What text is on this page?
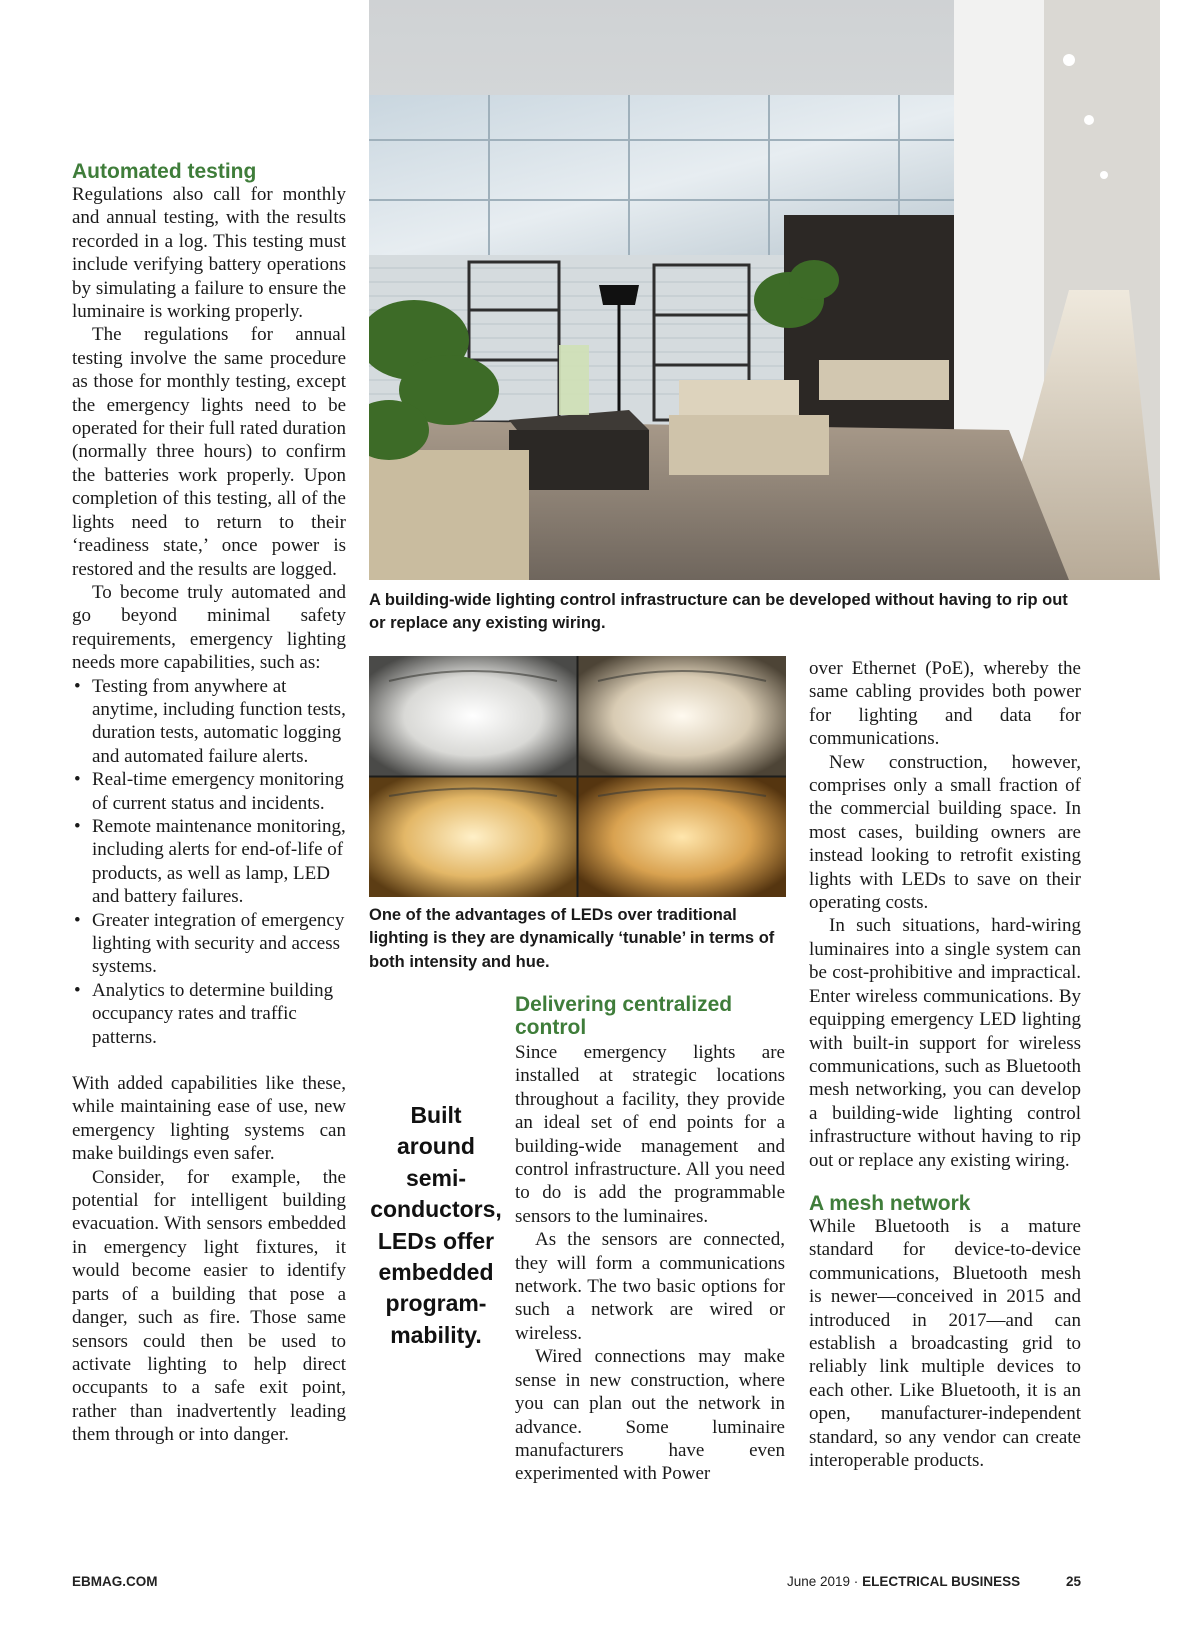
A building-wide lighting control infrastructure can be developed without having to rip out or replace any existing wiring.

One of the advantages of LEDs over traditional lighting is they are dynamically ‘tunable’ in terms of both intensity and hue.

Automated testing

Regulations also call for monthly and annual testing, with the results recorded in a log. This testing must include verifying battery operations by simulating a failure to ensure the luminaire is working properly.

The regulations for annual testing involve the same procedure as those for monthly testing, except the emergency lights need to be operated for their full rated duration (normally three hours) to confirm the batteries work properly. Upon completion of this testing, all of the lights need to return to their ‘readiness state,’ once power is restored and the results are logged.

To become truly automated and go beyond minimal safety requirements, emergency lighting needs more capabilities, such as:

• Testing from anywhere at anytime, including function tests, duration tests, automatic logging and automated failure alerts.
• Real-time emergency monitoring of current status and incidents.
• Remote maintenance monitoring, including alerts for end-of-life of products, as well as lamp, LED and battery failures.
• Greater integration of emergency lighting with security and access systems.
• Analytics to determine building occupancy rates and traffic patterns.

With added capabilities like these, while maintaining ease of use, new emergency lighting systems can make buildings even safer.

Consider, for example, the potential for intelligent building evacuation. With sensors embedded in emergency light fixtures, it would become easier to identify parts of a building that pose a danger, such as fire. Those same sensors could then be used to activate lighting to help direct occupants to a safe exit point, rather than inadvertently leading them through or into danger.

Built
around
semi-
conductors,
LEDs offer
embedded
program-
mability.
Delivering centralized control

Since emergency lights are installed at strategic locations throughout a facility, they provide an ideal set of end points for a building-wide management and control infrastructure. All you need to do is add the programmable sensors to the luminaires.

As the sensors are connected, they will form a communications network. The two basic options for such a network are wired or wireless.

Wired connections may make sense in new construction, where you can plan out the network in advance. Some luminaire manufacturers have even experimented with Power

over Ethernet (PoE), whereby the same cabling provides both power for lighting and data for communications.

New construction, however, comprises only a small fraction of the commercial building space. In most cases, building owners are instead looking to retrofit existing lights with LEDs to save on their operating costs.

In such situations, hard-wiring luminaires into a single system can be cost-prohibitive and impractical. Enter wireless communications. By equipping emergency LED lighting with built-in support for wireless communications, such as Bluetooth mesh networking, you can develop a building-wide lighting control infrastructure without having to rip out or replace any existing wiring.

A mesh network

While Bluetooth is a mature standard for device-to-device communications, Bluetooth mesh is newer—conceived in 2015 and introduced in 2017—and can establish a broadcasting grid to reliably link multiple devices to each other. Like Bluetooth, it is an open, manufacturer-independent standard, so any vendor can create interoperable products.

EBMAG.COM	June 2019 · ELECTRICAL BUSINESS	25
